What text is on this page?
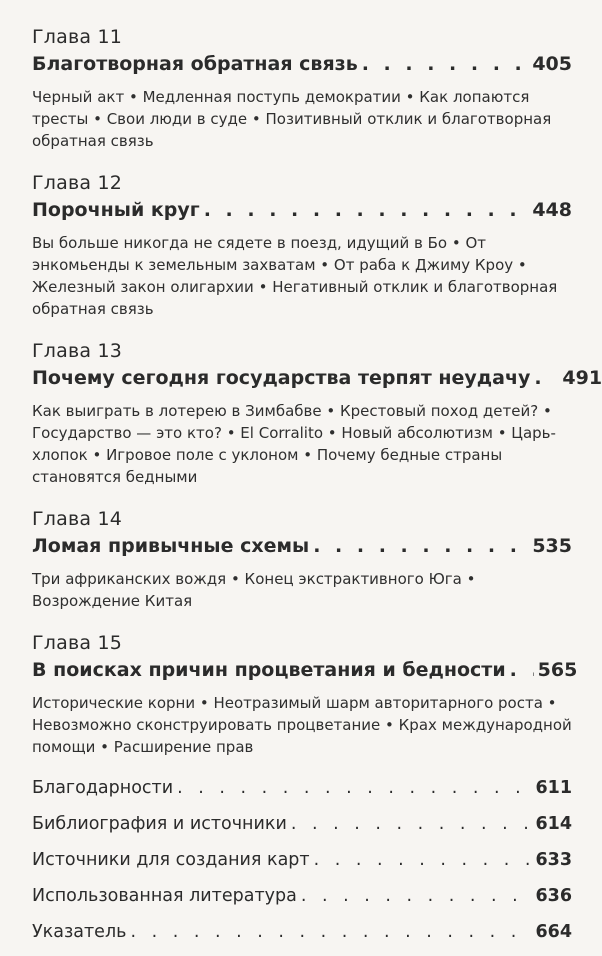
Глава 11
Благотворная обратная связь . . .	405
Черный акт • Медленная поступь демократии • Как лопаются тресты • Свои люди в суде • Позитивный отклик и благотворная обратная связь
Глава 12
Порочный круг . . .	448
Вы больше никогда не сядете в поезд, идущий в Бо • От энкомьенды к земельным захватам • От раба к Джиму Кроу • Железный закон олигархии • Негативный отклик и благотворная обратная связь
Глава 13
Почему сегодня государства терпят неудачу . . . 491
Как выиграть в лотерею в Зимбабве • Крестовый поход детей? • Государство — это кто? • El Corralito • Новый абсолютизм • Царь-хлопок • Игровое поле с уклоном • Почему бедные страны становятся бедными
Глава 14
Ломая привычные схемы . . .	535
Три африканских вождя • Конец экстрактивного Юга • Возрождение Китая
Глава 15
В поисках причин процветания и бедности . . . 565
Исторические корни • Неотразимый шарм авторитарного роста • Невозможно сконструировать процветание • Крах международной помощи • Расширение прав
Благодарности . . .	611
Библиография и источники . . .	614
Источники для создания карт . . .	633
Использованная литература . . .	636
Указатель . . .	664
